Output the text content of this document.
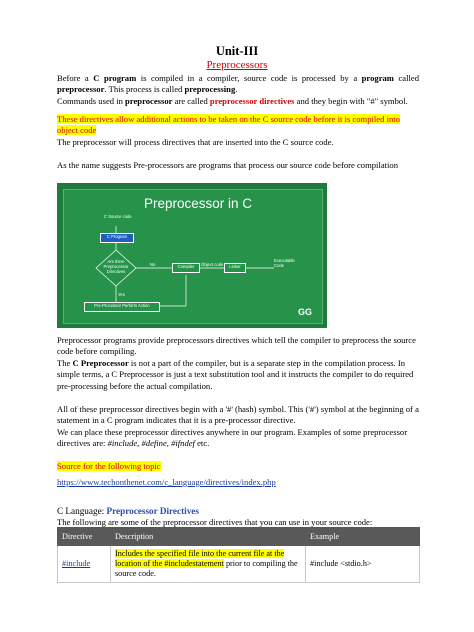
Unit-III
Preprocessors
Before a C program is compiled in a compiler, source code is processed by a program called preprocessor. This process is called preprocessing.
Commands used in preprocessor are called preprocessor directives and they begin with "#" symbol.
These directives allow additional actions to be taken on the C source code before it is compiled into object code
The preprocessor will process directives that are inserted into the C source code.
As the name suggests Pre-processors are programs that process our source code before compilation
Preprocessor in C
C Source code
C Program
Are there Preprocessor Directives
No	Compiler	Object code	Linker
Executable Code
Yes
Pre-Processor Perform Action
GG
Preprocessor programs provide preprocessors directives which tell the compiler to preprocess the source code before compiling.
The C Preprocessor is not a part of the compiler, but is a separate step in the compilation process. In simple terms, a C Preprocessor is just a text substitution tool and it instructs the compiler to do required pre-processing before the actual compilation.
All of these preprocessor directives begin with a '#' (hash) symbol. This ('#') symbol at the beginning of a statement in a C program indicates that it is a pre-processor directive.
We can place these preprocessor directives anywhere in our program. Examples of some preprocessor directives are: #include, #define, #ifndef etc.
Source for the following topic
https://www.techonthenet.com/c_language/directives/index.php
C Language: Preprocessor Directives
The following are some of the preprocessor directives that you can use in your source code:
Directive	Description	Example
#include	Includes the specified file into the current file at the location of the #includestatement prior to compiling the source code.	#include <stdio.h>
